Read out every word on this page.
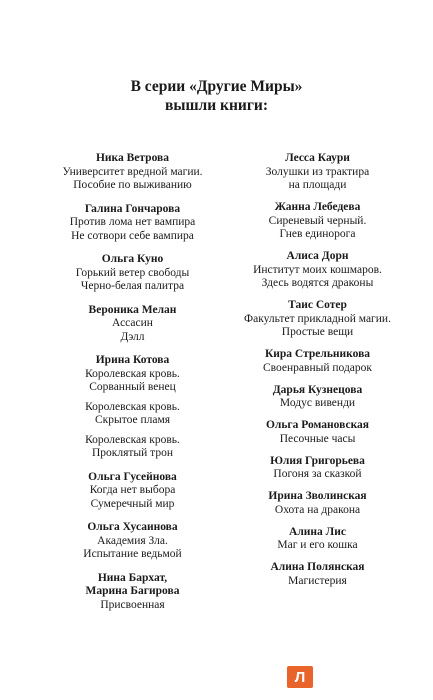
В серии «Другие Миры»
вышли книги:
Ника Ветрова
Университет вредной магии.
Пособие по выживанию
Галина Гончарова
Против лома нет вампира
Не сотвори себе вампира
Ольга Куно
Горький ветер свободы
Черно-белая палитра
Вероника Мелан
Ассасин
Дэлл
Ирина Котова
Королевская кровь.
Сорванный венец
Королевская кровь.
Скрытое пламя
Королевская кровь.
Проклятый трон
Ольга Гусейнова
Когда нет выбора
Сумеречный мир
Ольга Хусаинова
Академия Зла.
Испытание ведьмой
Нина Бархат,
Марина Багирова
Присвоенная
Лесса Каури
Золушки из трактира
на площади
Жанна Лебедева
Сиреневый черный.
Гнев единорога
Алиса Дорн
Институт моих кошмаров.
Здесь водятся драконы
Таис Сотер
Факультет прикладной магии.
Простые вещи
Кира Стрельникова
Своенравный подарок
Дарья Кузнецова
Модус вивенди
Ольга Романовская
Песочные часы
Юлия Григорьева
Погоня за сказкой
Ирина Зволинская
Охота на дракона
Алина Лис
Маг и его кошка
Алина Полянская
Магистерия
Л
